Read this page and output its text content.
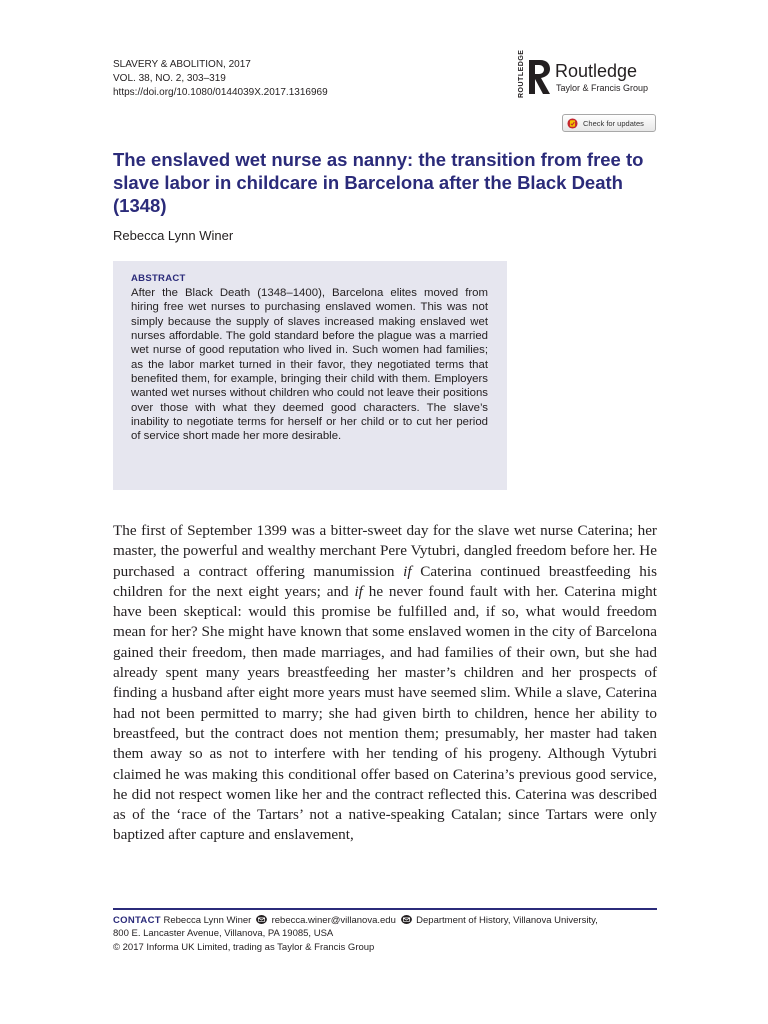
SLAVERY & ABOLITION, 2017
VOL. 38, NO. 2, 303–319
https://doi.org/10.1080/0144039X.2017.1316969	ROUTLEDGE Routledge
Taylor & Francis Group
Check for updates
The enslaved wet nurse as nanny: the transition from free to slave labor in childcare in Barcelona after the Black Death (1348)
Rebecca Lynn Winer
ABSTRACT
After the Black Death (1348–1400), Barcelona elites moved from hiring free wet nurses to purchasing enslaved women. This was not simply because the supply of slaves increased making enslaved wet nurses affordable. The gold standard before the plague was a married wet nurse of good reputation who lived in. Such women had families; as the labor market turned in their favor, they negotiated terms that benefited them, for example, bringing their child with them. Employers wanted wet nurses without children who could not leave their positions over those with what they deemed good characters. The slave’s inability to negotiate terms for herself or her child or to cut her period of service short made her more desirable.

The first of September 1399 was a bitter-sweet day for the slave wet nurse Caterina; her master, the powerful and wealthy merchant Pere Vytubri, dangled freedom before her. He purchased a contract offering manumission if Caterina continued breastfeeding his children for the next eight years; and if he never found fault with her. Caterina might have been skeptical: would this promise be fulfilled and, if so, what would freedom mean for her? She might have known that some enslaved women in the city of Barcelona gained their freedom, then made marriages, and had families of their own, but she had already spent many years breastfeeding her master’s children and her prospects of finding a husband after eight more years must have seemed slim. While a slave, Caterina had not been permitted to marry; she had given birth to children, hence her ability to breastfeed, but the contract does not mention them; presumably, her master had taken them away so as not to interfere with her tending of his progeny. Although Vytubri claimed he was making this conditional offer based on Caterina’s previous good service, he did not respect women like her and the contract reflected this. Caterina was described as of the ‘race of the Tartars’ not a native-speaking Catalan; since Tartars were only baptized after capture and enslavement,

CONTACT Rebecca Lynn Winer rebecca.winer@villanova.edu Department of History, Villanova University,
800 E. Lancaster Avenue, Villanova, PA 19085, USA
© 2017 Informa UK Limited, trading as Taylor & Francis Group
